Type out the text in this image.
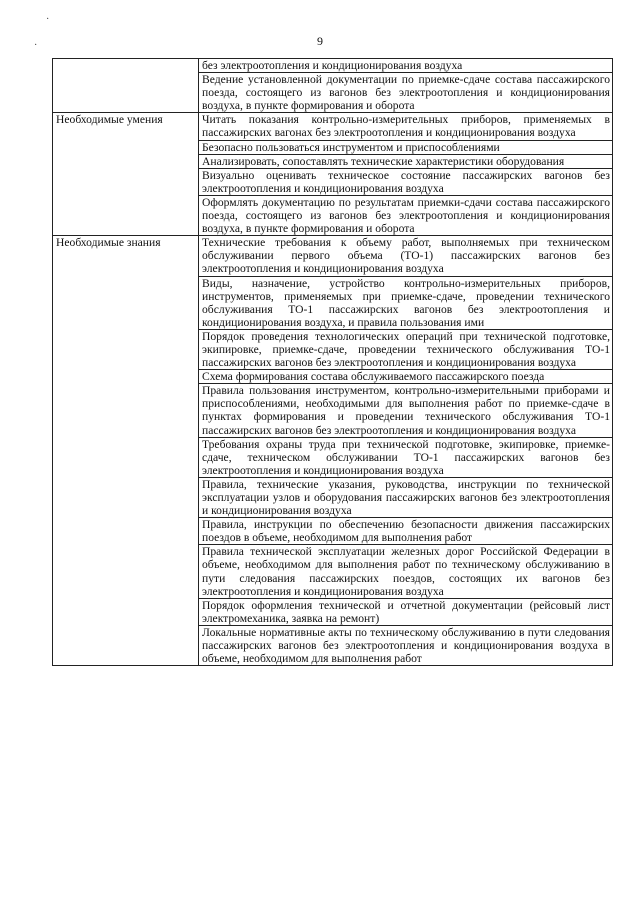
·
·	9
	без электроотопления и кондиционирования воздуха
	Ведение установленной документации по приемке-сдаче состава пассажирского поезда, состоящего из вагонов без электроотопления и кондиционирования воздуха, в пункте формирования и оборота
Необходимые умения	Читать показания контрольно-измерительных приборов, применяемых в пассажирских вагонах без электроотопления и кондиционирования воздуха
	Безопасно пользоваться инструментом и приспособлениями
	Анализировать, сопоставлять технические характеристики оборудования
	Визуально оценивать техническое состояние пассажирских вагонов без электроотопления и кондиционирования воздуха
	Оформлять документацию по результатам приемки-сдачи состава пассажирского поезда, состоящего из вагонов без электроотопления и кондиционирования воздуха, в пункте формирования и оборота
Необходимые знания	Технические требования к объему работ, выполняемых при техническом обслуживании первого объема (ТО-1) пассажирских вагонов без электроотопления и кондиционирования воздуха
	Виды, назначение, устройство контрольно-измерительных приборов, инструментов, применяемых при приемке-сдаче, проведении технического обслуживания ТО-1 пассажирских вагонов без электроотопления и кондиционирования воздуха, и правила пользования ими
	Порядок проведения технологических операций при технической подготовке, экипировке, приемке-сдаче, проведении технического обслуживания ТО-1 пассажирских вагонов без электроотопления и кондиционирования воздуха
	Схема формирования состава обслуживаемого пассажирского поезда
	Правила пользования инструментом, контрольно-измерительными приборами и приспособлениями, необходимыми для выполнения работ по приемке-сдаче в пунктах формирования и проведении технического обслуживания ТО-1 пассажирских вагонов без электроотопления и кондиционирования воздуха
	Требования охраны труда при технической подготовке, экипировке, приемке-сдаче, техническом обслуживании ТО-1 пассажирских вагонов без электроотопления и кондиционирования воздуха
	Правила, технические указания, руководства, инструкции по технической эксплуатации узлов и оборудования пассажирских вагонов без электроотопления и кондиционирования воздуха
	Правила, инструкции по обеспечению безопасности движения пассажирских поездов в объеме, необходимом для выполнения работ
	Правила технической эксплуатации железных дорог Российской Федерации в объеме, необходимом для выполнения работ по техническому обслуживанию в пути следования пассажирских поездов, состоящих их вагонов без электроотопления и кондиционирования воздуха
	Порядок оформления технической и отчетной документации (рейсовый лист электромеханика, заявка на ремонт)
	Локальные нормативные акты по техническому обслуживанию в пути следования пассажирских вагонов без электроотопления и кондиционирования воздуха в объеме, необходимом для выполнения работ
